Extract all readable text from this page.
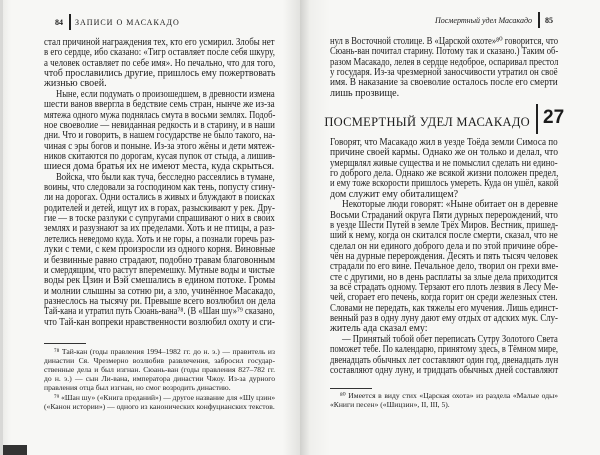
84 ЗАПИСИ О МАСАКАДО
стал причиной награждения тех, кто его усмирил. Злобы нет
в его сердце, ибо сказано: «Тигр оставляет после себя шкуру,
а человек оставляет по себе имя». Но печально, что для того,
чтоб прославились другие, пришлось ему пожертвовать
жизнью своей.
Ныне, если подумать о произошедшем, в древности измена
шести ванов ввергла в бедствие семь стран, нынче же из-за
мятежа одного мужа поднялась смута в восьми землях. Подоб-
ное своеволие — невиданная редкость и в старину, и в наши
дни. Что и говорить, в нашем государстве не было такого, на-
чиная с эры богов и поныне. Из-за этого жёны и дети мятеж-
ников скитаются по дорогам, кусая пупок от стыда, а лишив-
шиеся дома братья их не имеют места, куда скрыться.
Войска, что были как туча, бесследно рассеялись в тумане,
воины, что следовали за господином как тень, попусту сгину-
ли на дорогах. Одни остались в живых и блуждают в поисках
родителей и детей, ищут их в горах, разыскивают у рек. Дру-
гие — в тоске разлуки с супругами спрашивают о них в своих
землях и разузнают за их пределами. Хоть и не птицы, а раз-
летелись неведомо куда. Хоть и не горы, а познали горечь раз-
луки с теми, с кем произросли из одного корня. Виновные
и безвинные равно страдают, подобно травам благовонным
и смердящим, что растут вперемешку. Мутные воды и чистые
воды рек Цзин и Вэй смешались в едином потоке. Громы
и молнии слышны за сотню ри, а зло, учинённое Масакадо,
разнеслось на тысячу ри. Превыше всего возлюбил он дела
Тай-кана и утратил путь Сюань-вана⁷⁸. (В «Шан шу»⁷⁹ сказано,
что Тай-кан вопреки нравственности возлюбил охоту и сги-
⁷⁸ Тай-кан (годы правления 1994–1982 гг. до н. э.) — правитель из
династии Ся. Чрезмерно возлюбив развлечения, забросил государ-
ственные дела и был изгнан. Сюань-ван (годы правления 827–782 гг.
до н. э.) — сын Ли-вана, императора династии Чжоу. Из-за дурного
правления отца был изгнан, но смог возродить династию.
⁷⁹ «Шан шу» («Книга преданий») — другое название для «Шу цзин»
(«Канон истории») — одного из канонических конфуцианских текстов.
Посмертный удел Масакадо 85
нул в Восточной столице. В «Царской охоте»⁸⁰ говорится, что
Сюань-ван почитал старину. Потому так и сказано.) Таким об-
разом Масакадо, лелея в сердце недоброе, оспаривал престол
у государя. Из-за чрезмерной заносчивости утратил он своё
имя. В наказание за своеволие осталось после его смерти
лишь прозвище.
ПОСМЕРТНЫЙ УДЕЛ МАСАКАДО 27
Говорят, что Масакадо жил в уезде Тоёда земли Симоса по
причине своей кармы. Однако же он только и делал, что
умерщвлял живые существа и не помыслил сделать ни едино-
го доброго дела. Однако же всякой жизни положен предел,
и ему тоже вскорости пришлось умереть. Куда он ушёл, какой
дом служит ему обиталищем?
Некоторые люди говорят: «Ныне обитает он в деревне
Восьми Страданий округа Пяти дурных перерождений, что
в уезде Шести Путей в земле Трёх Миров. Вестник, пришед-
ший к нему, когда он скитался после смерти, сказал, что не
сделал он ни единого доброго дела и по этой причине обре-
чён на дурные перерождения. Десять и пять тысяч человек
страдали по его вине. Печальное дело, творил он грехи вме-
сте с другими, но в день расплаты за злые дела приходится
за всё страдать одному. Терзают его плоть лезвия в Лесу Ме-
чей, сгорает его печень, когда горит он среди железных стен.
Словами не передать, как тяжелы его мучения. Лишь единст-
венный раз в одну луну дают ему отдых от адских мук. Слу-
житель ада сказал ему:
— Принятый тобой обет переписать Сутру Золотого Света
поможет тебе. По календарю, принятому здесь, в Тёмном мире,
двенадцать обычных лет составляют один год, двенадцать лун
составляют одну луну, и тридцать обычных дней составляют
⁸⁰ Имеется в виду стих «Царская охота» из раздела «Малые оды»
«Книги песен» («Шицзин», II, III, 5).
